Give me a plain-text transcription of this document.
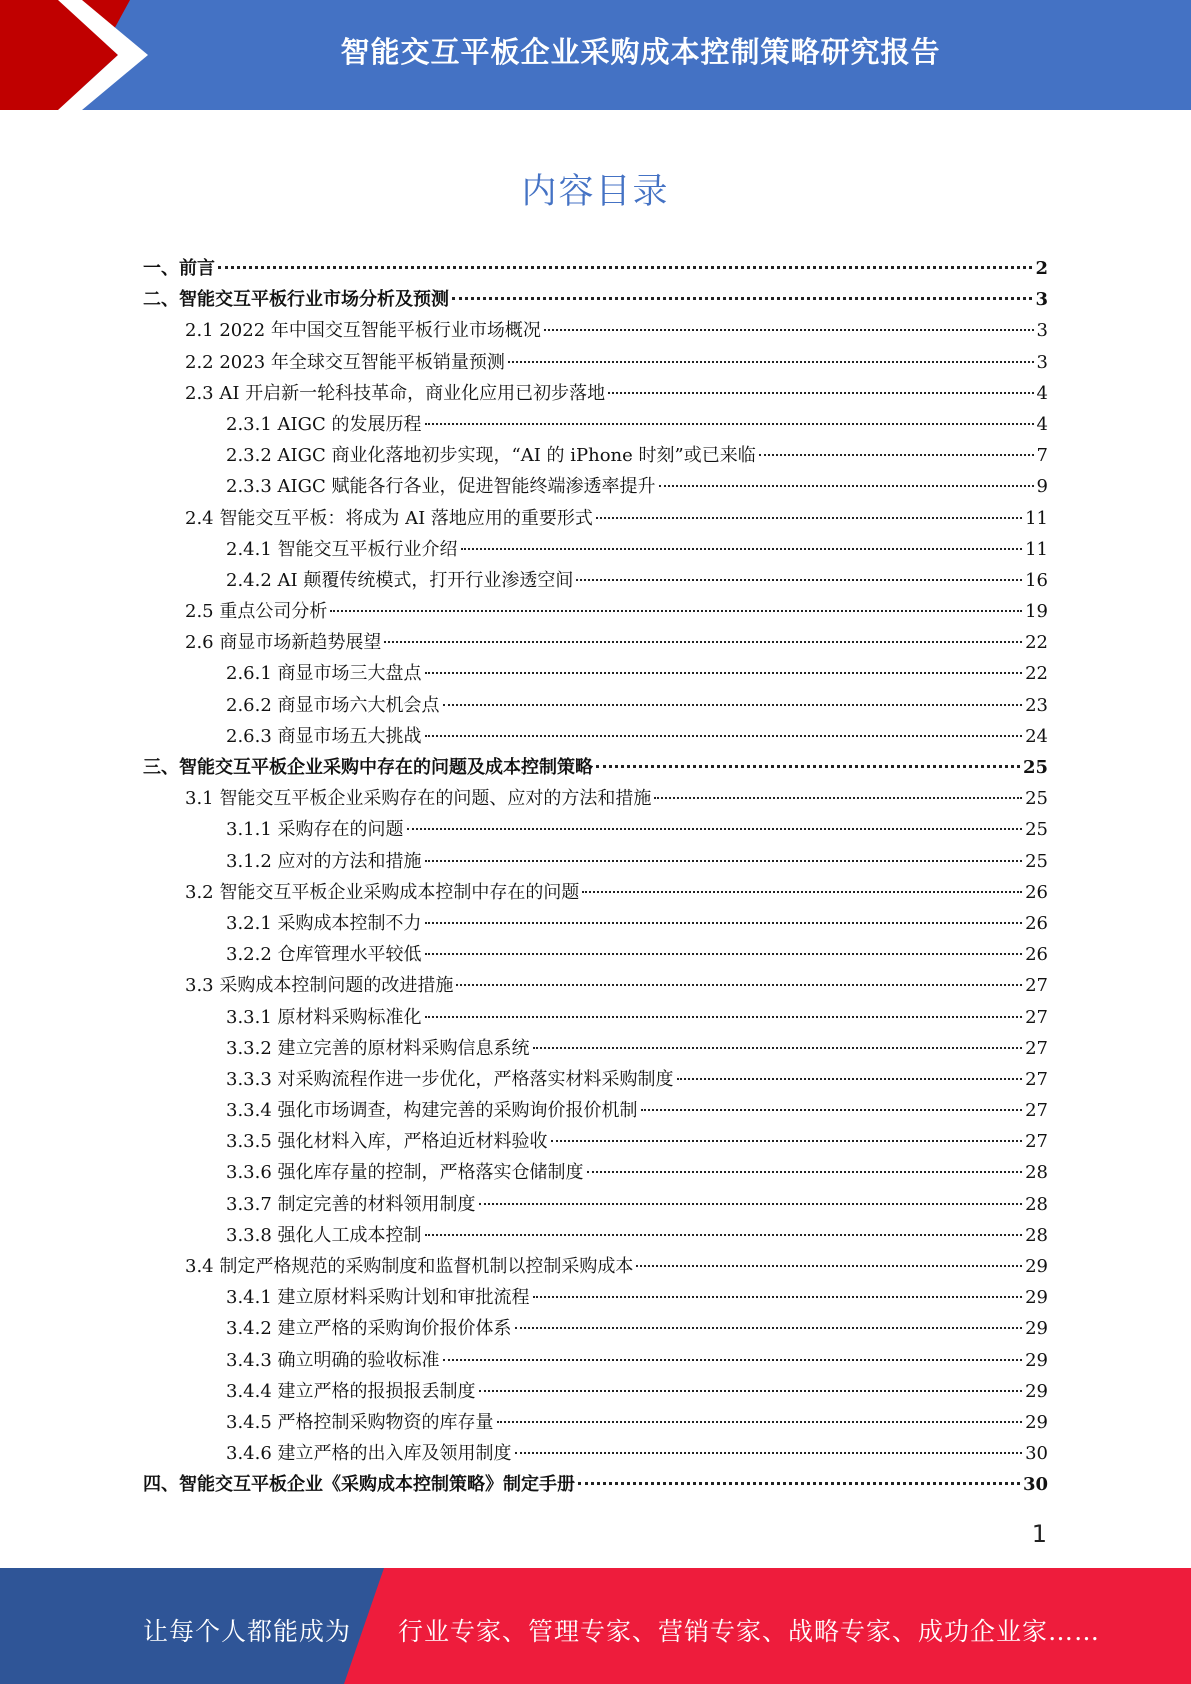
智能交互平板企业采购成本控制策略研究报告
内容目录
一、前言	2
二、智能交互平板行业市场分析及预测	3
2.1 2022 年中国交互智能平板行业市场概况	3
2.2 2023 年全球交互智能平板销量预测	3
2.3 AI 开启新一轮科技革命，商业化应用已初步落地	4
2.3.1 AIGC 的发展历程	4
2.3.2 AIGC 商业化落地初步实现，“AI 的 iPhone 时刻”或已来临	7
2.3.3 AIGC 赋能各行各业，促进智能终端渗透率提升	9
2.4 智能交互平板：将成为 AI 落地应用的重要形式	11
2.4.1 智能交互平板行业介绍	11
2.4.2 AI 颠覆传统模式，打开行业渗透空间	16
2.5 重点公司分析	19
2.6 商显市场新趋势展望	22
2.6.1 商显市场三大盘点	22
2.6.2 商显市场六大机会点	23
2.6.3 商显市场五大挑战	24
三、智能交互平板企业采购中存在的问题及成本控制策略	25
3.1 智能交互平板企业采购存在的问题、应对的方法和措施	25
3.1.1 采购存在的问题	25
3.1.2 应对的方法和措施	25
3.2 智能交互平板企业采购成本控制中存在的问题	26
3.2.1 采购成本控制不力	26
3.2.2 仓库管理水平较低	26
3.3 采购成本控制问题的改进措施	27
3.3.1 原材料采购标准化	27
3.3.2 建立完善的原材料采购信息系统	27
3.3.3 对采购流程作进一步优化，严格落实材料采购制度	27
3.3.4 强化市场调查，构建完善的采购询价报价机制	27
3.3.5 强化材料入库，严格迫近材料验收	27
3.3.6 强化库存量的控制，严格落实仓储制度	28
3.3.7 制定完善的材料领用制度	28
3.3.8 强化人工成本控制	28
3.4 制定严格规范的采购制度和监督机制以控制采购成本	29
3.4.1 建立原材料采购计划和审批流程	29
3.4.2 建立严格的采购询价报价体系	29
3.4.3 确立明确的验收标准	29
3.4.4 建立严格的报损报丢制度	29
3.4.5 严格控制采购物资的库存量	29
3.4.6 建立严格的出入库及领用制度	30
四、智能交互平板企业《采购成本控制策略》制定手册	30
1
让每个人都能成为 行业专家、管理专家、营销专家、战略专家、成功企业家……
